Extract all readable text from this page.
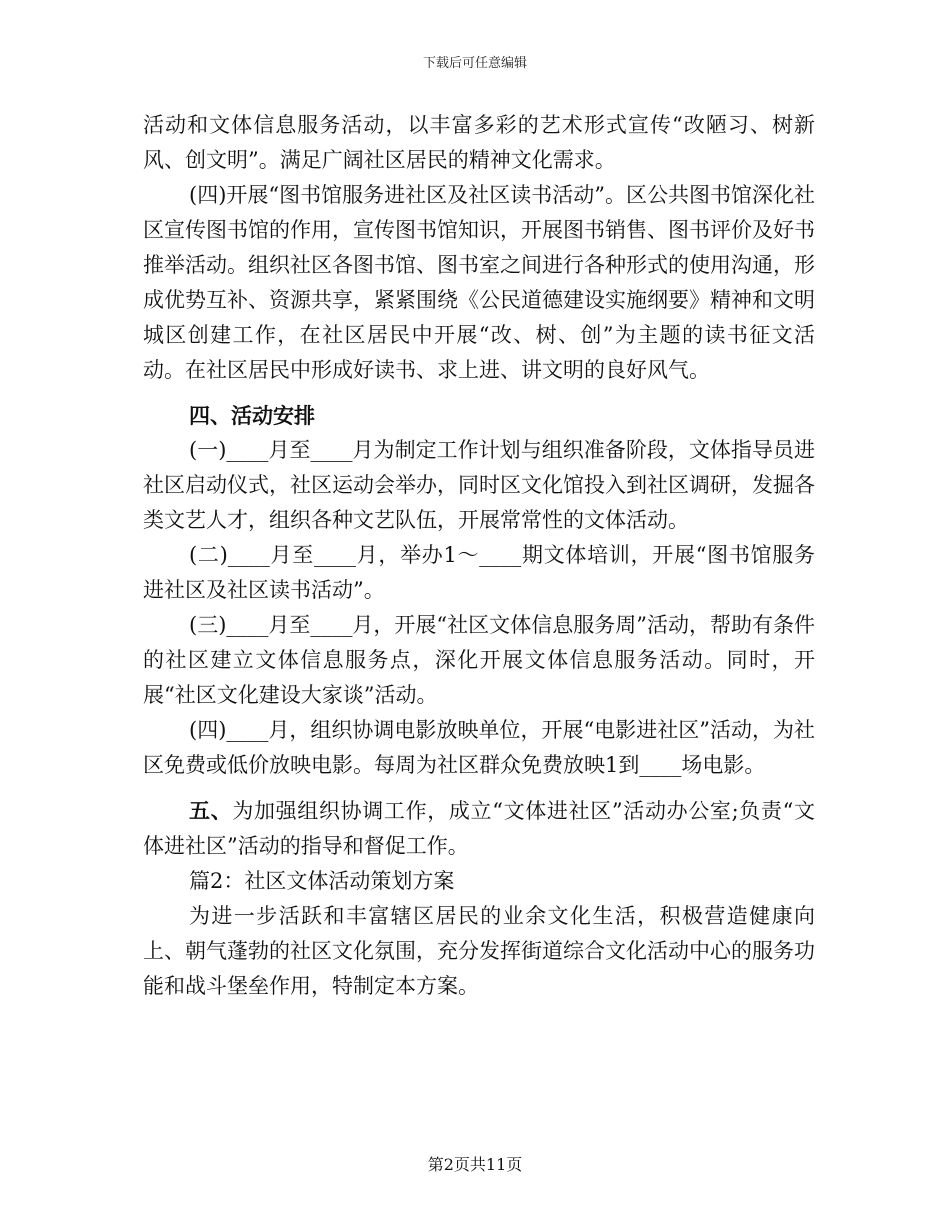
下载后可任意编辑

活动和文体信息服务活动，以丰富多彩的艺术形式宣传“改陋习、树新风、创文明”。满足广阔社区居民的精神文化需求。

(四)开展“图书馆服务进社区及社区读书活动”。区公共图书馆深化社区宣传图书馆的作用，宣传图书馆知识，开展图书销售、图书评价及好书推举活动。组织社区各图书馆、图书室之间进行各种形式的使用沟通，形成优势互补、资源共享，紧紧围绕《公民道德建设实施纲要》精神和文明城区创建工作，在社区居民中开展“改、树、创”为主题的读书征文活动。在社区居民中形成好读书、求上进、讲文明的良好风气。

四、活动安排

(一)____月至____月为制定工作计划与组织准备阶段，文体指导员进社区启动仪式，社区运动会举办，同时区文化馆投入到社区调研，发掘各类文艺人才，组织各种文艺队伍，开展常常性的文体活动。

(二)____月至____月，举办1～____期文体培训，开展“图书馆服务进社区及社区读书活动”。

(三)____月至____月，开展“社区文体信息服务周”活动，帮助有条件的社区建立文体信息服务点，深化开展文体信息服务活动。同时，开展“社区文化建设大家谈”活动。

(四)____月，组织协调电影放映单位，开展“电影进社区”活动，为社区免费或低价放映电影。每周为社区群众免费放映1到____场电影。

五、为加强组织协调工作，成立“文体进社区”活动办公室;负责“文体进社区”活动的指导和督促工作。

篇2：社区文体活动策划方案

为进一步活跃和丰富辖区居民的业余文化生活，积极营造健康向上、朝气蓬勃的社区文化氛围，充分发挥街道综合文化活动中心的服务功能和战斗堡垒作用，特制定本方案。

第2页共11页
